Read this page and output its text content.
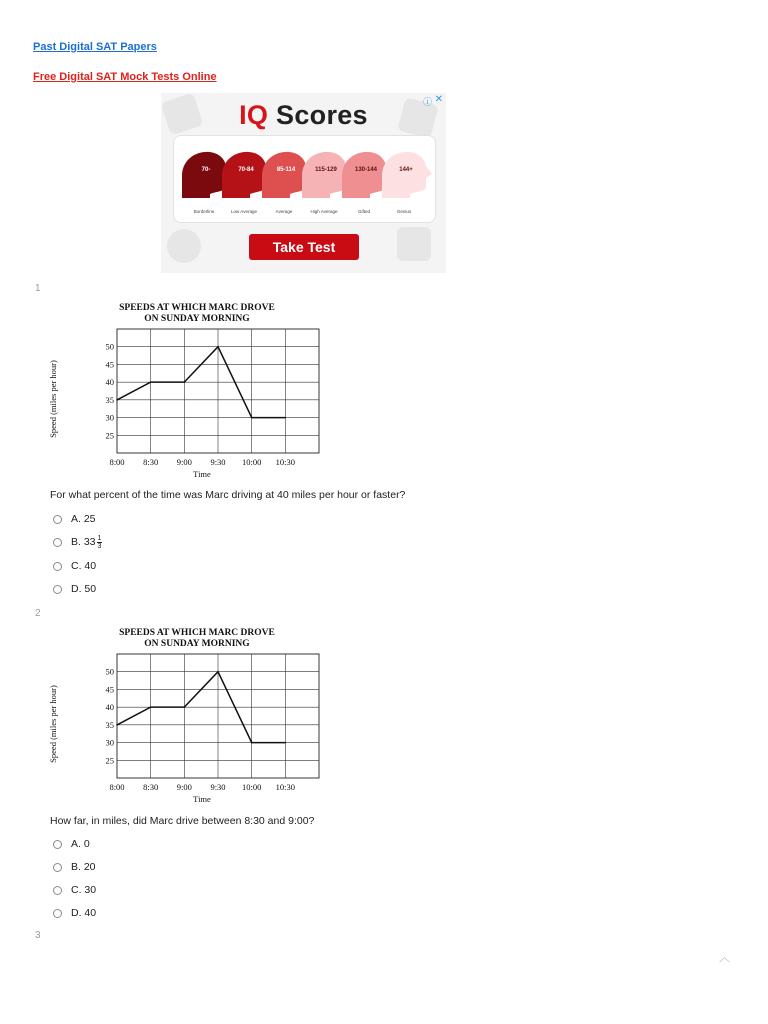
Past Digital SAT Papers
Free Digital SAT Mock Tests Online
ⓘ ✕
IQ Scores
70-
Borderline
70-84
Low Average
85-114
Average
115-129
High Average
130-144
Gifted
144+
Genius
Take Test
1
SPEEDS AT WHICH MARC DROVE
ON SUNDAY MORNING
25
30
35
40
45
50
8:00 8:30 9:00 9:30 10:00 10:30
Time
Speed (miles per hour)
For what percent of the time was Marc driving at 40 miles per hour or faster?
A. 25
B. $33 \frac{1}{3}$
C. 40
D. 50
2
SPEEDS AT WHICH MARC DROVE
ON SUNDAY MORNING
25
30
35
40
45
50
8:00 8:30 9:00 9:30 10:00 10:30
Time
Speed (miles per hour)
How far, in miles, did Marc drive between 8:30 and 9:00?
A. 0
B. 20
C. 30
D. 40
3
︿
